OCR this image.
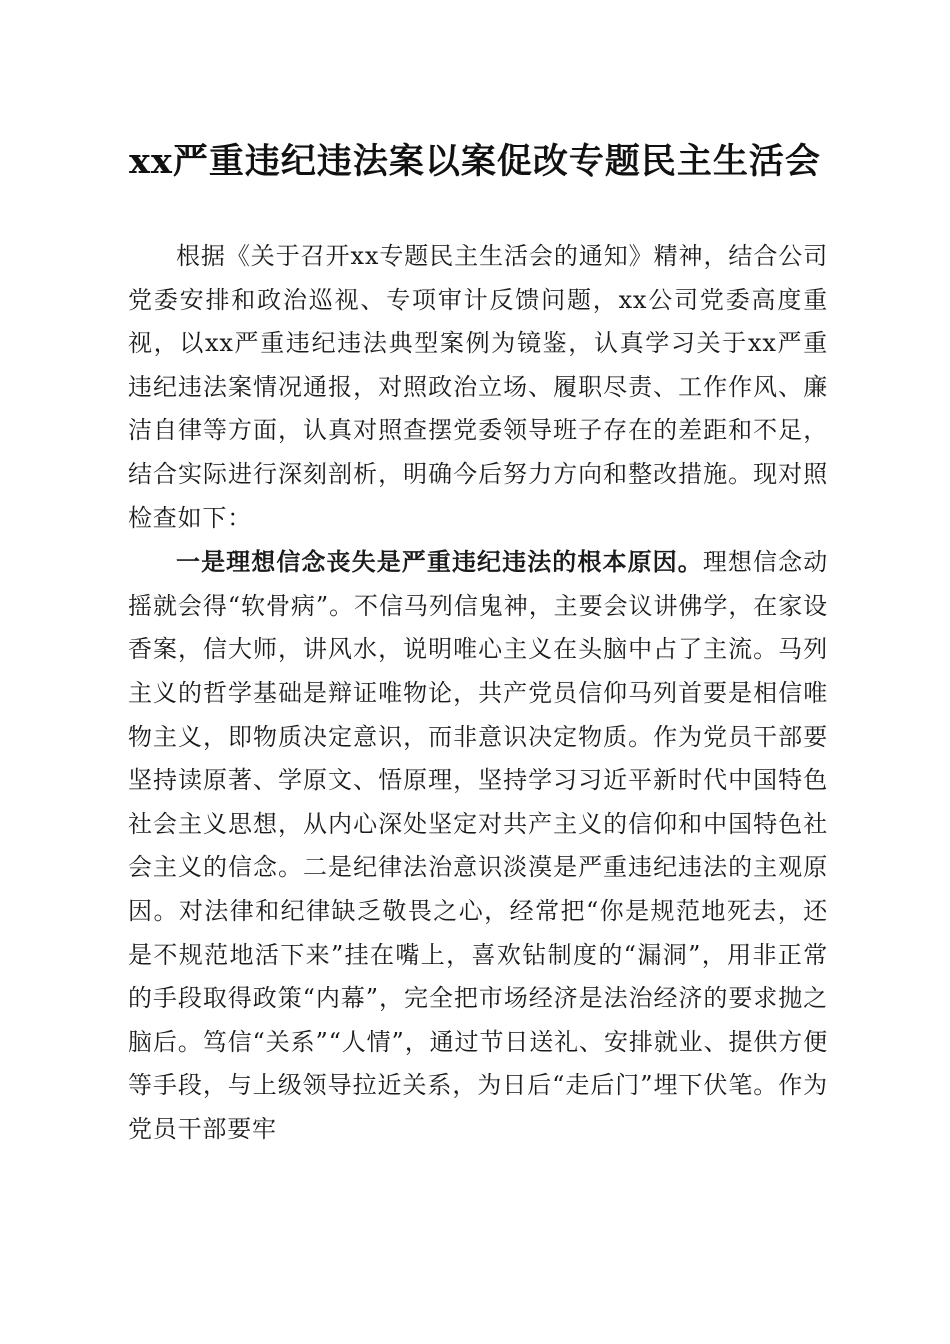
xx严重违纪违法案以案促改专题民主生活会

根据《关于召开xx专题民主生活会的通知》精神，结合公司党委安排和政治巡视、专项审计反馈问题，xx公司党委高度重视，以xx严重违纪违法典型案例为镜鉴，认真学习关于xx严重违纪违法案情况通报，对照政治立场、履职尽责、工作作风、廉洁自律等方面，认真对照查摆党委领导班子存在的差距和不足，结合实际进行深刻剖析，明确今后努力方向和整改措施。现对照检查如下：

一是理想信念丧失是严重违纪违法的根本原因。理想信念动摇就会得“软骨病”。不信马列信鬼神，主要会议讲佛学，在家设香案，信大师，讲风水，说明唯心主义在头脑中占了主流。马列主义的哲学基础是辩证唯物论，共产党员信仰马列首要是相信唯物主义，即物质决定意识，而非意识决定物质。作为党员干部要坚持读原著、学原文、悟原理，坚持学习习近平新时代中国特色社会主义思想，从内心深处坚定对共产主义的信仰和中国特色社会主义的信念。二是纪律法治意识淡漠是严重违纪违法的主观原因。对法律和纪律缺乏敬畏之心，经常把“你是规范地死去，还是不规范地活下来”挂在嘴上，喜欢钻制度的“漏洞”，用非正常的手段取得政策“内幕”，完全把市场经济是法治经济的要求抛之脑后。笃信“关系”“人情”，通过节日送礼、安排就业、提供方便等手段，与上级领导拉近关系，为日后“走后门”埋下伏笔。作为党员干部要牢
